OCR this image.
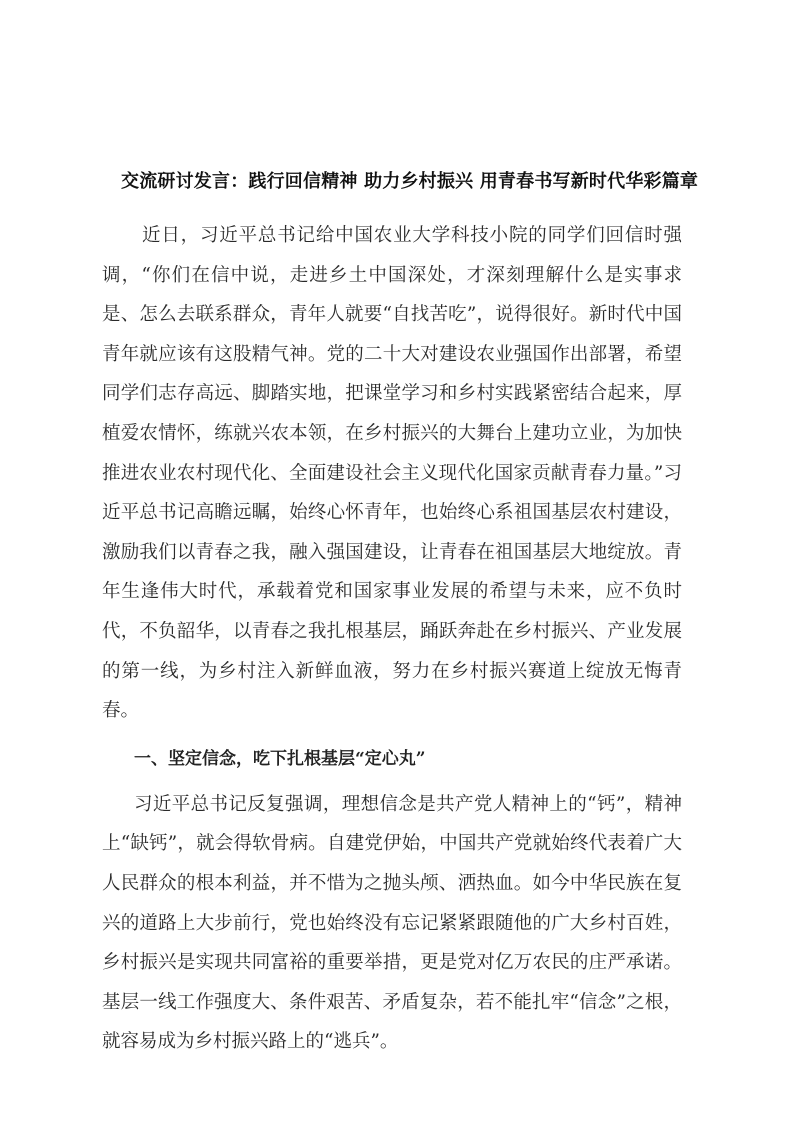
交流研讨发言：践行回信精神 助力乡村振兴 用青春书写新时代华彩篇章

近日，习近平总书记给中国农业大学科技小院的同学们回信时强调，“你们在信中说，走进乡土中国深处，才深刻理解什么是实事求是、怎么去联系群众，青年人就要“自找苦吃”，说得很好。新时代中国青年就应该有这股精气神。党的二十大对建设农业强国作出部署，希望同学们志存高远、脚踏实地，把课堂学习和乡村实践紧密结合起来，厚植爱农情怀，练就兴农本领，在乡村振兴的大舞台上建功立业，为加快推进农业农村现代化、全面建设社会主义现代化国家贡献青春力量。”习近平总书记高瞻远瞩，始终心怀青年，也始终心系祖国基层农村建设，激励我们以青春之我，融入强国建设，让青春在祖国基层大地绽放。青年生逢伟大时代，承载着党和国家事业发展的希望与未来，应不负时代，不负韶华，以青春之我扎根基层，踊跃奔赴在乡村振兴、产业发展的第一线，为乡村注入新鲜血液，努力在乡村振兴赛道上绽放无悔青春。

一、坚定信念，吃下扎根基层“定心丸”

习近平总书记反复强调，理想信念是共产党人精神上的“钙”，精神上“缺钙”，就会得软骨病。自建党伊始，中国共产党就始终代表着广大人民群众的根本利益，并不惜为之抛头颅、洒热血。如今中华民族在复兴的道路上大步前行，党也始终没有忘记紧紧跟随他的广大乡村百姓，乡村振兴是实现共同富裕的重要举措，更是党对亿万农民的庄严承诺。基层一线工作强度大、条件艰苦、矛盾复杂，若不能扎牢“信念”之根，就容易成为乡村振兴路上的“逃兵”。
